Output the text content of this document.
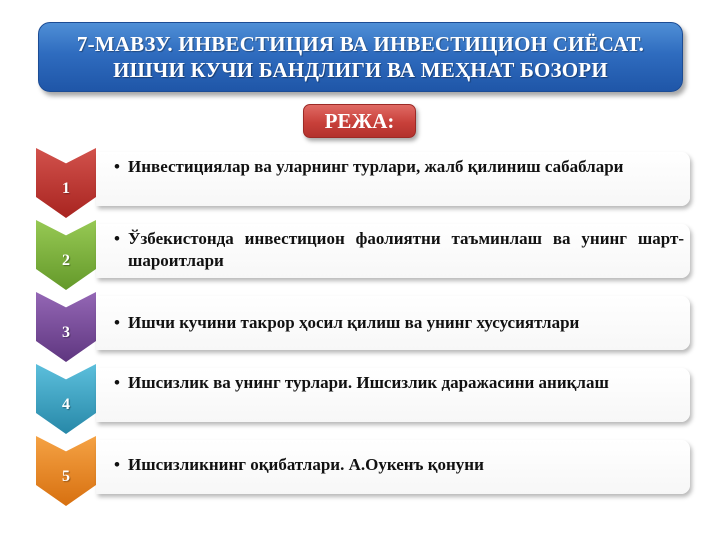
7-МАВЗУ. ИНВЕСТИЦИЯ ВА ИНВЕСТИЦИОН СИЁСАТ.
ИШЧИ КУЧИ БАНДЛИГИ ВА МЕҲНАТ БОЗОРИ
РЕЖА:
1
• Инвестициялар ва уларнинг турлари, жалб қилиниш сабаблари
2
• Ўзбекистонда инвестицион фаолиятни таъминлаш ва унинг шарт-шароитлари
3
• Ишчи кучини такрор ҳосил қилиш ва унинг хусусиятлари
4
• Ишсизлик ва унинг турлари. Ишсизлик даражасини аниқлаш
5
• Ишсизликнинг оқибатлари. А.Оукенъ қонуни
